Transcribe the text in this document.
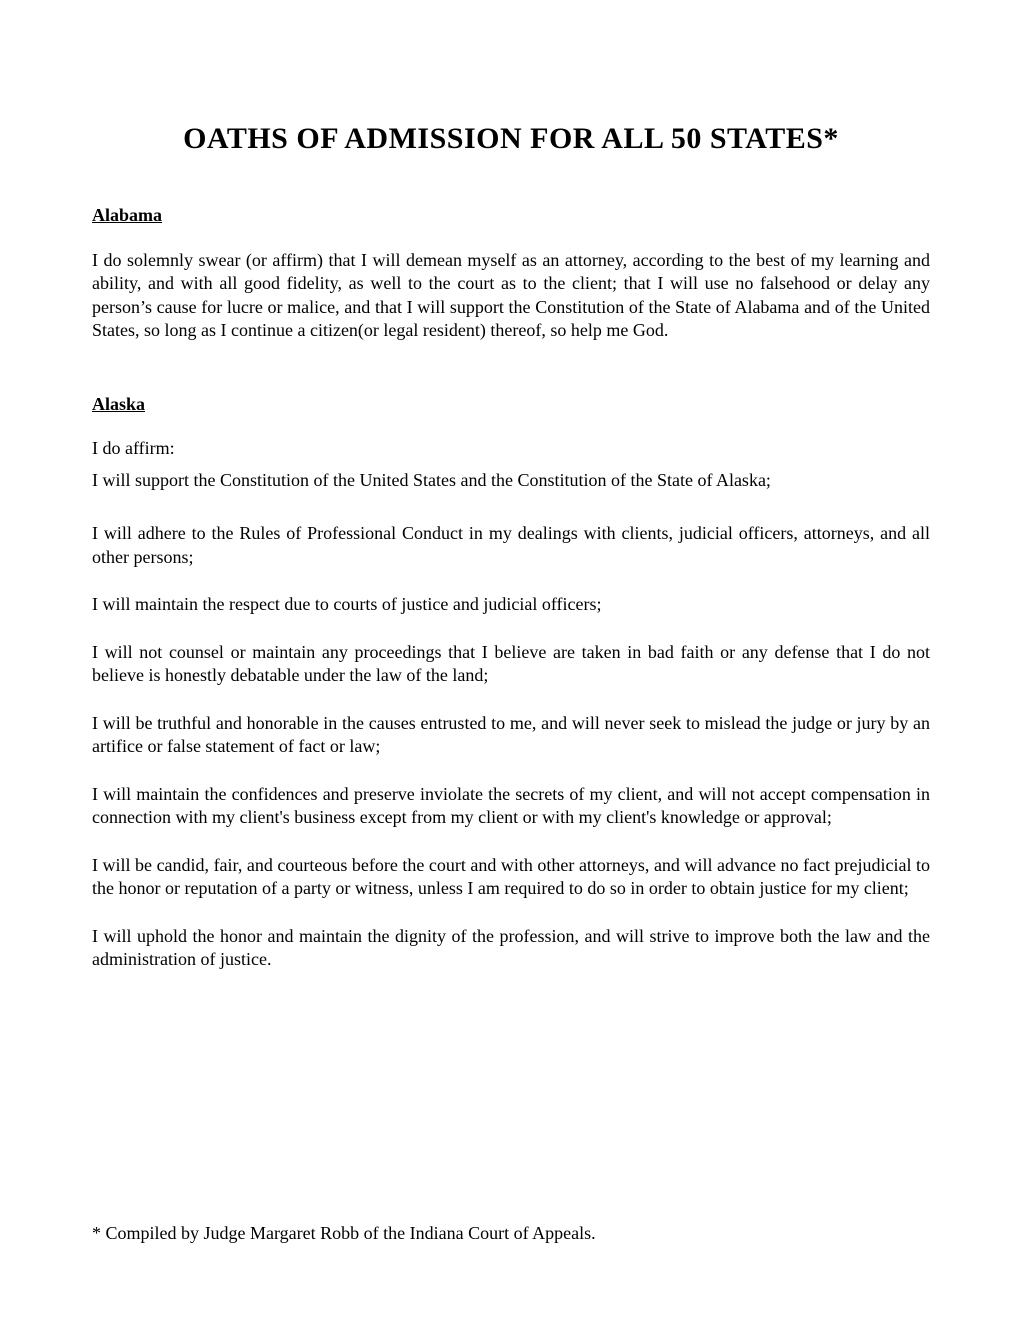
OATHS OF ADMISSION FOR ALL 50 STATES*
Alabama

I do solemnly swear (or affirm) that I will demean myself as an attorney, according to the best of my learning and ability, and with all good fidelity, as well to the court as to the client; that I will use no falsehood or delay any person’s cause for lucre or malice, and that I will support the Constitution of the State of Alabama and of the United States, so long as I continue a citizen(or legal resident) thereof, so help me God.

Alaska

I do affirm:

I will support the Constitution of the United States and the Constitution of the State of Alaska;

I will adhere to the Rules of Professional Conduct in my dealings with clients, judicial officers, attorneys, and all other persons;

I will maintain the respect due to courts of justice and judicial officers;

I will not counsel or maintain any proceedings that I believe are taken in bad faith or any defense that I do not believe is honestly debatable under the law of the land;

I will be truthful and honorable in the causes entrusted to me, and will never seek to mislead the judge or jury by an artifice or false statement of fact or law;

I will maintain the confidences and preserve inviolate the secrets of my client, and will not accept compensation in connection with my client's business except from my client or with my client's knowledge or approval;

I will be candid, fair, and courteous before the court and with other attorneys, and will advance no fact prejudicial to the honor or reputation of a party or witness, unless I am required to do so in order to obtain justice for my client;

I will uphold the honor and maintain the dignity of the profession, and will strive to improve both the law and the administration of justice.

* Compiled by Judge Margaret Robb of the Indiana Court of Appeals.
